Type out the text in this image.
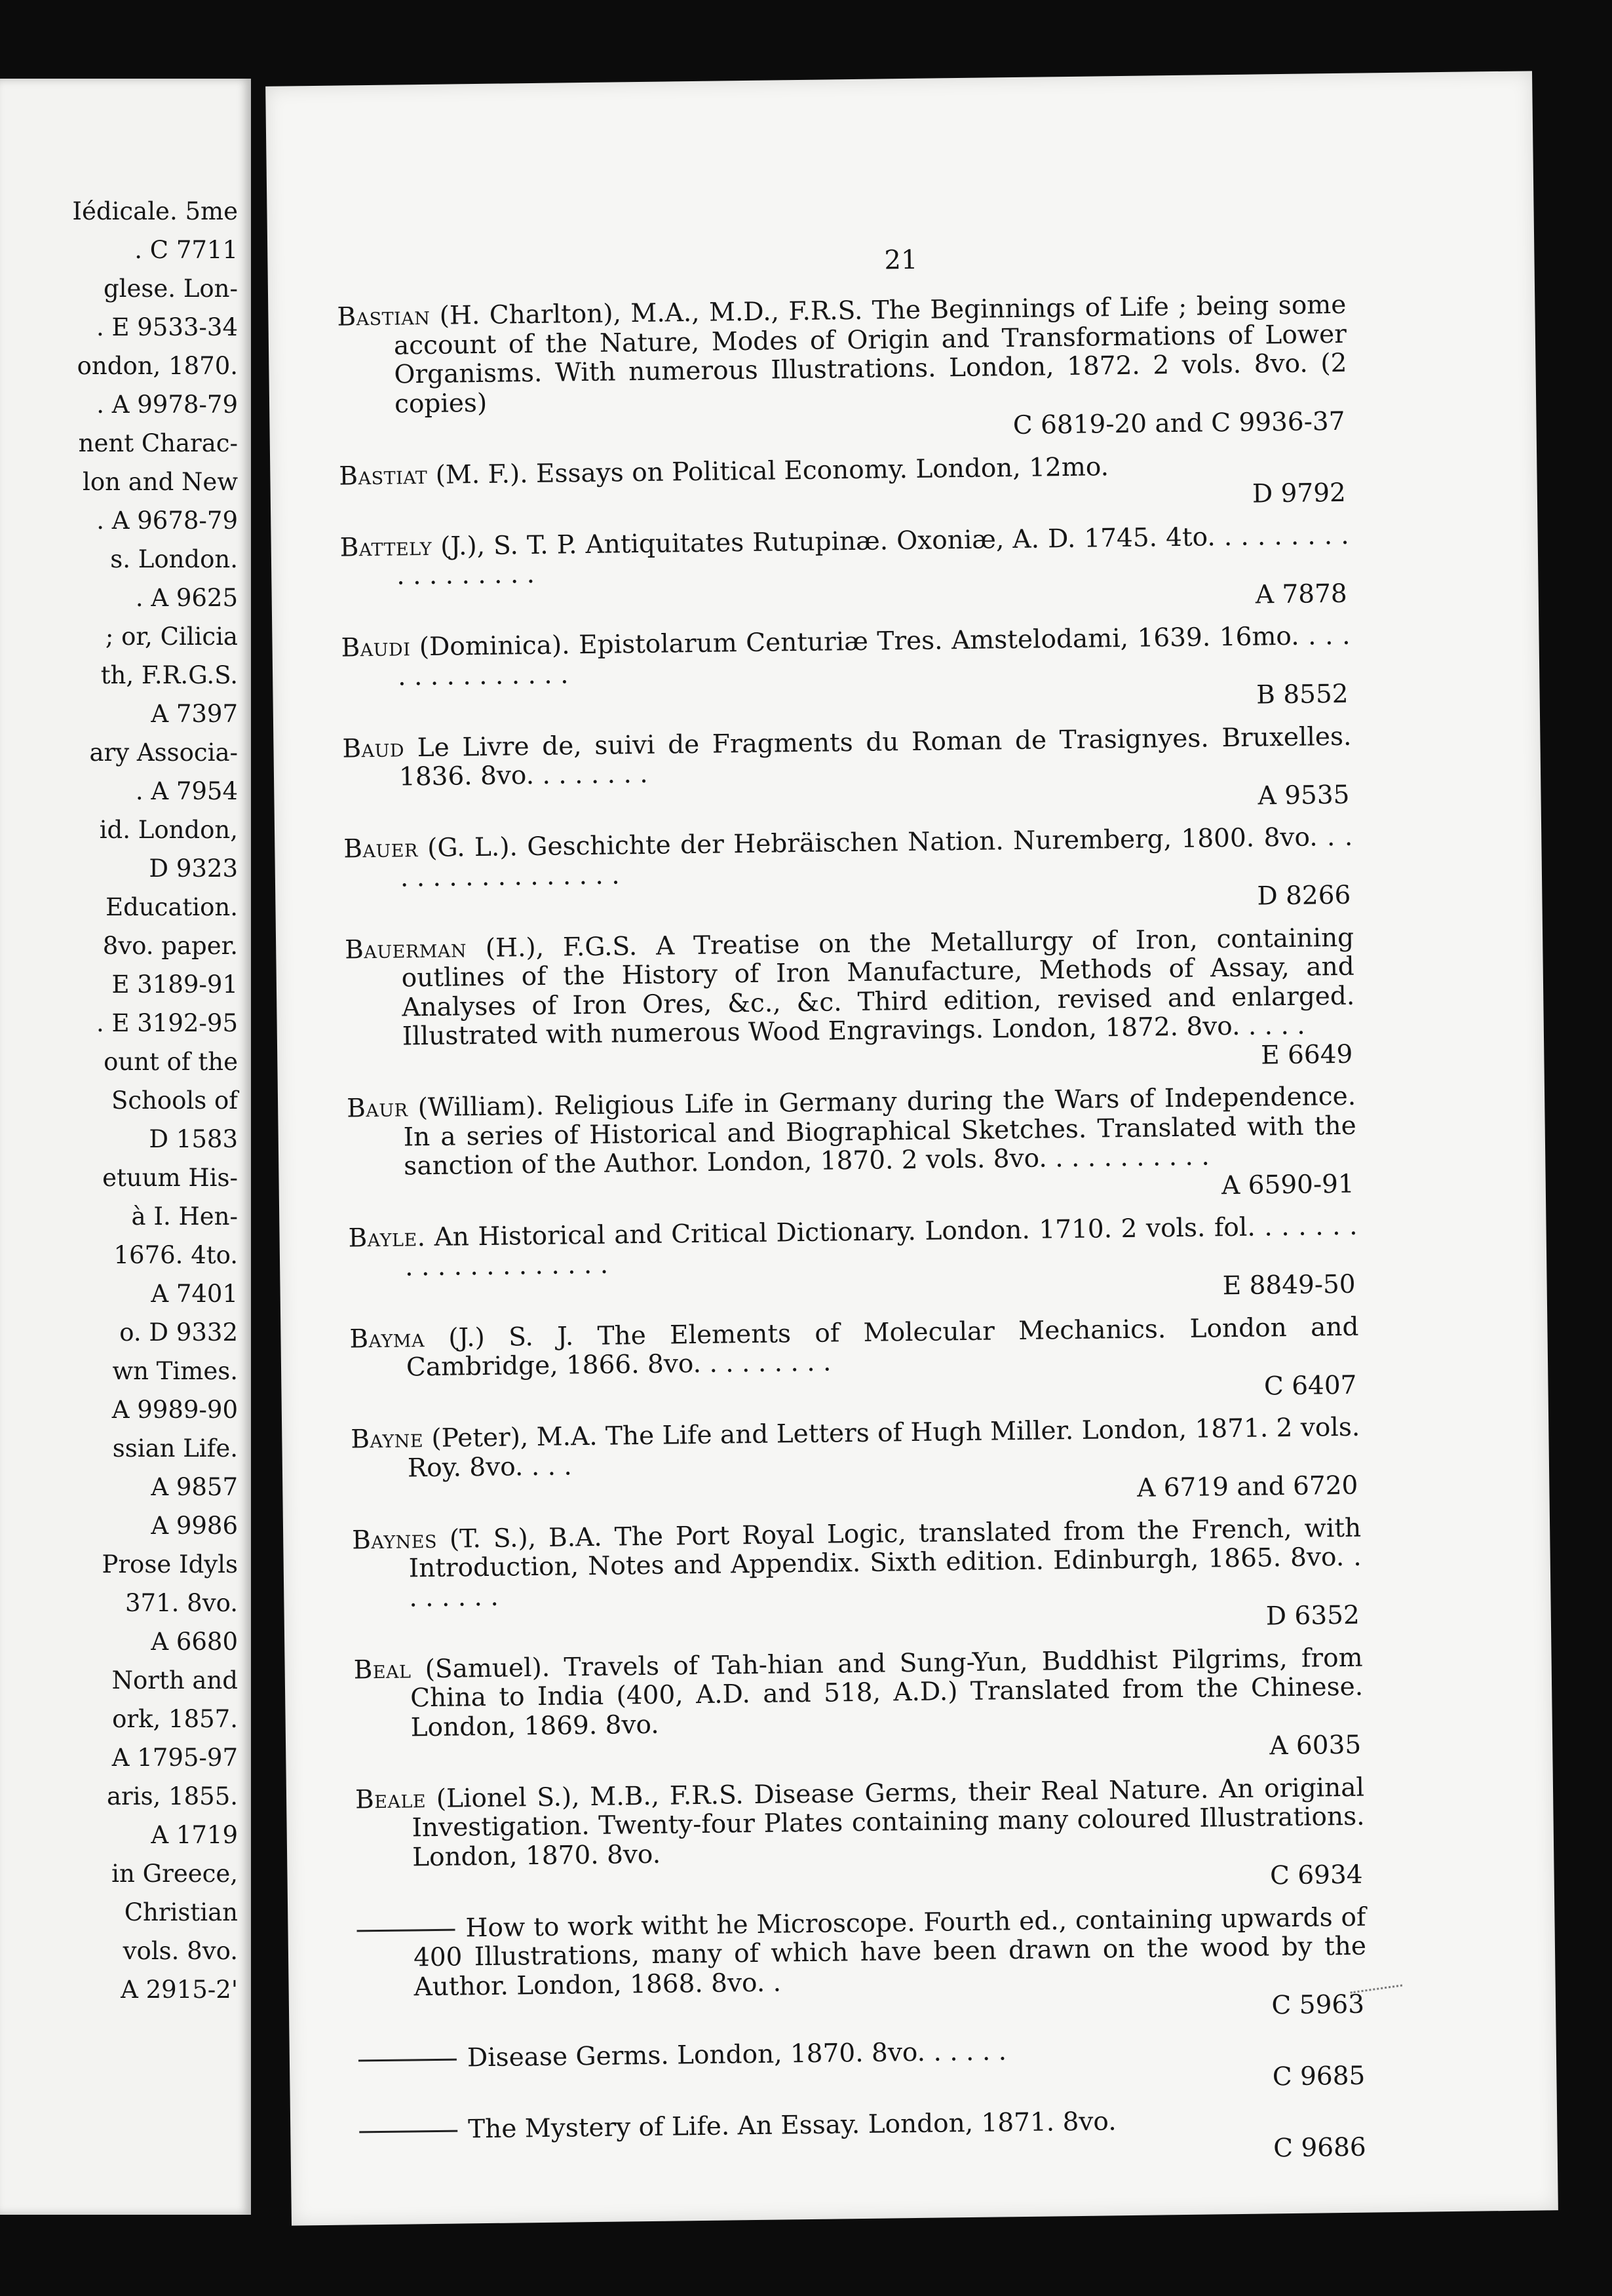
Iédicale. 5me
. C 7711
glese. Lon-
. E 9533-34
ondon, 1870.
. A 9978-79
nent Charac-
lon and New
. A 9678-79
s. London.
. A 9625
; or, Cilicia
th, F.R.G.S.
A 7397
ary Associa-
. A 7954
id. London,
D 9323
Education.
8vo. paper.
E 3189-91
. E 3192-95
ount of the
Schools of
D 1583
etuum His-
à I. Hen-
1676. 4to.
A 7401
o. D 9332
wn Times.
A 9989-90
ssian Life.
A 9857
A 9986
Prose Idyls
371. 8vo.
A 6680
North and
ork, 1857.
A 1795-97
aris, 1855.
A 1719
in Greece,
Christian
vols. 8vo.
A 2915-2'
21
Bastian (H. Charlton), M.A., M.D., F.R.S. The Beginnings of Life ; being some account of the Nature, Modes of Origin and Transformations of Lower Organisms. With numerous Illustrations. London, 1872. 2 vols. 8vo. (2 copies)
C 6819-20 and C 9936-37
Bastiat (M. F.). Essays on Political Economy. London, 12mo.
D 9792
Battely (J.), S. T. P. Antiquitates Rutupinæ. Oxoniæ, A. D. 1745. 4to. . . . . . . . . . . . . . . . . .
A 7878
Baudi (Dominica). Epistolarum Centuriæ Tres. Amstelodami, 1639. 16mo. . . . . . . . . . . . . . .
B 8552
Baud Le Livre de, suivi de Fragments du Roman de Trasignyes. Bruxelles. 1836. 8vo. . . . . . . .
A 9535
Bauer (G. L.). Geschichte der Hebräischen Nation. Nuremberg, 1800. 8vo. . . . . . . . . . . . . . . . .
D 8266
Bauerman (H.), F.G.S. A Treatise on the Metallurgy of Iron, containing outlines of the History of Iron Manufacture, Methods of Assay, and Analyses of Iron Ores, &c., &c. Third edition, revised and enlarged. Illustrated with numerous Wood Engravings. London, 1872. 8vo. . . . .
E 6649
Baur (William). Religious Life in Germany during the Wars of Independence. In a series of Historical and Biographical Sketches. Translated with the sanction of the Author. London, 1870. 2 vols. 8vo. . . . . . . . . . .
A 6590-91
Bayle. An Historical and Critical Dictionary. London. 1710. 2 vols. fol. . . . . . . . . . . . . . . . . . . .
E 8849-50
Bayma (J.) S. J. The Elements of Molecular Mechanics. London and Cambridge, 1866. 8vo. . . . . . . . .
C 6407
Bayne (Peter), M.A. The Life and Letters of Hugh Miller. London, 1871. 2 vols. Roy. 8vo. . . .
A 6719 and 6720
Baynes (T. S.), B.A. The Port Royal Logic, translated from the French, with Introduction, Notes and Appendix. Sixth edition. Edinburgh, 1865. 8vo. . . . . . . .
D 6352
Beal (Samuel). Travels of Tah-hian and Sung-Yun, Buddhist Pilgrims, from China to India (400, A.D. and 518, A.D.) Translated from the Chinese. London, 1869. 8vo.
A 6035
Beale (Lionel S.), M.B., F.R.S. Disease Germs, their Real Nature. An original Investigation. Twenty-four Plates containing many coloured Illustrations. London, 1870. 8vo.
C 6934
How to work witht he Microscope. Fourth ed., containing upwards of 400 Illustrations, many of which have been drawn on the wood by the Author. London, 1868. 8vo. .
C 5963
Disease Germs. London, 1870. 8vo. . . . . .
C 9685
The Mystery of Life. An Essay. London, 1871. 8vo.
C 9686
